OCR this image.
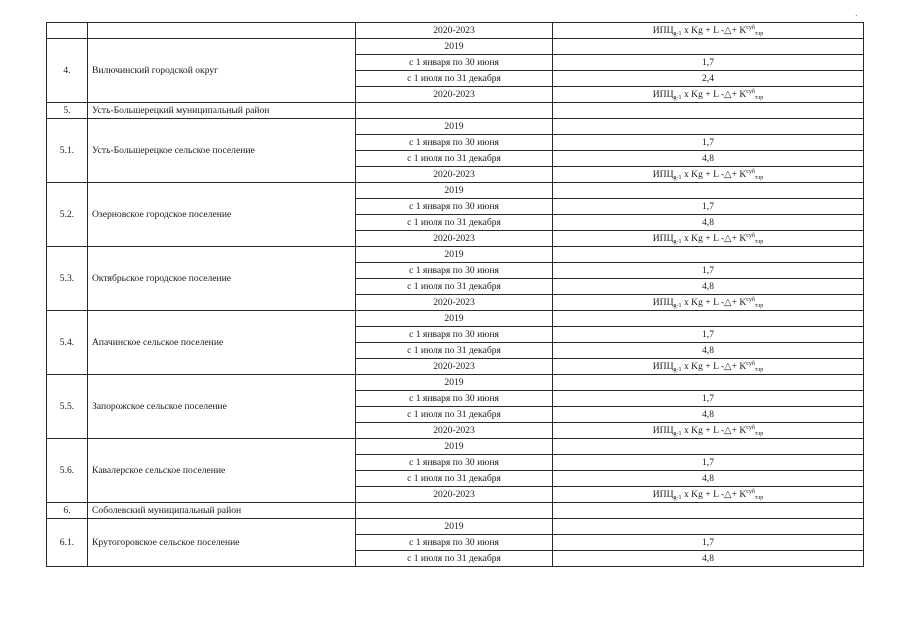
.
		2020-2023	$ИПЦ_{g-1}$ x Kg + L -△+ $K^{суб}_{тэр}$
4.	Вилючинский городской округ	2019	
		с 1 января по 30 июня	1,7
		с 1 июля по 31 декабря	2,4
		2020-2023	$ИПЦ_{g-1}$ x Kg + L -△+ $K^{суб}_{тэр}$
5.	Усть-Большерецкий муниципальный район		
5.1.	Усть-Большерецкое сельское поселение	2019	
		с 1 января по 30 июня	1,7
		с 1 июля по 31 декабря	4,8
		2020-2023	$ИПЦ_{g-1}$ x Kg + L -△+ $K^{суб}_{тэр}$
5.2.	Озерновское городское поселение	2019	
		с 1 января по 30 июня	1,7
		с 1 июля по 31 декабря	4,8
		2020-2023	$ИПЦ_{g-1}$ x Kg + L -△+ $K^{суб}_{тэр}$
5.3.	Октябрьское городское поселение	2019	
		с 1 января по 30 июня	1,7
		с 1 июля по 31 декабря	4,8
		2020-2023	$ИПЦ_{g-1}$ x Kg + L -△+ $K^{суб}_{тэр}$
5.4.	Апачинское сельское поселение	2019	
		с 1 января по 30 июня	1,7
		с 1 июля по 31 декабря	4,8
		2020-2023	$ИПЦ_{g-1}$ x Kg + L -△+ $K^{суб}_{тэр}$
5.5.	Запорожское сельское поселение	2019	
		с 1 января по 30 июня	1,7
		с 1 июля по 31 декабря	4,8
		2020-2023	$ИПЦ_{g-1}$ x Kg + L -△+ $K^{суб}_{тэр}$
5.6.	Кавалерское сельское поселение	2019	
		с 1 января по 30 июня	1,7
		с 1 июля по 31 декабря	4,8
		2020-2023	$ИПЦ_{g-1}$ x Kg + L -△+ $K^{суб}_{тэр}$
6.	Соболевский муниципальный район		
6.1.	Крутогоровское сельское поселение	2019	
		с 1 января по 30 июня	1,7
		с 1 июля по 31 декабря	4,8
